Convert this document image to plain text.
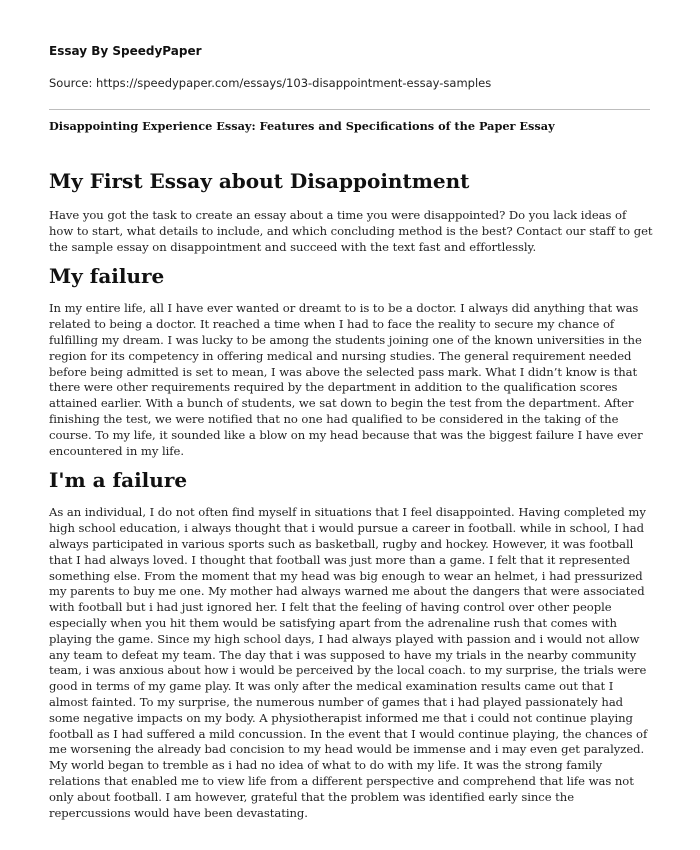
Essay By SpeedyPaper

Source: https://speedypaper.com/essays/103-disappointment-essay-samples

Disappointing Experience Essay: Features and Specifications of the Paper Essay

My First Essay about Disappointment

Have you got the task to create an essay about a time you were disappointed? Do you lack ideas of how to start, what details to include, and which concluding method is the best? Contact our staff to get the sample essay on disappointment and succeed with the text fast and effortlessly.

My failure

In my entire life, all I have ever wanted or dreamt to is to be a doctor. I always did anything that was related to being a doctor. It reached a time when I had to face the reality to secure my chance of fulfilling my dream. I was lucky to be among the students joining one of the known universities in the region for its competency in offering medical and nursing studies. The general requirement needed before being admitted is set to mean, I was above the selected pass mark. What I didn’t know is that there were other requirements required by the department in addition to the qualification scores attained earlier. With a bunch of students, we sat down to begin the test from the department. After finishing the test, we were notified that no one had qualified to be considered in the taking of the course. To my life, it sounded like a blow on my head because that was the biggest failure I have ever encountered in my life.

I'm a failure

As an individual, I do not often find myself in situations that I feel disappointed. Having completed my high school education, i always thought that i would pursue a career in football. while in school, I had always participated in various sports such as basketball, rugby and hockey. However, it was football that I had always loved. I thought that football was just more than a game. I felt that it represented something else. From the moment that my head was big enough to wear an helmet, i had pressurized my parents to buy me one. My mother had always warned me about the dangers that were associated with football but i had just ignored her. I felt that the feeling of having control over other people especially when you hit them would be satisfying apart from the adrenaline rush that comes with playing the game. Since my high school days, I had always played with passion and i would not allow any team to defeat my team. The day that i was supposed to have my trials in the nearby community team, i was anxious about how i would be perceived by the local coach. to my surprise, the trials were good in terms of my game play. It was only after the medical examination results came out that I almost fainted. To my surprise, the numerous number of games that i had played passionately had some negative impacts on my body. A physiotherapist informed me that i could not continue playing football as I had suffered a mild concussion. In the event that I would continue playing, the chances of me worsening the already bad concision to my head would be immense and i may even get paralyzed. My world began to tremble as i had no idea of what to do with my life. It was the strong family relations that enabled me to view life from a different perspective and comprehend that life was not only about football. I am however, grateful that the problem was identified early since the repercussions would have been devastating.
